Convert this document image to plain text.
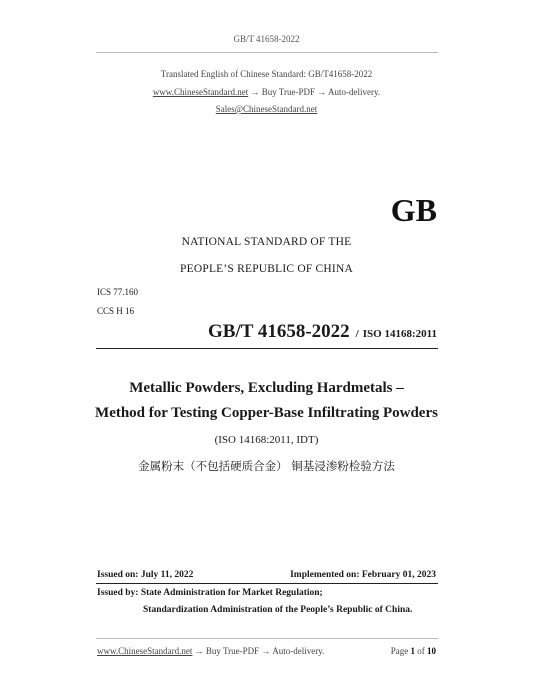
GB/T 41658-2022
Translated English of Chinese Standard: GB/T41658-2022
www.ChineseStandard.net → Buy True-PDF → Auto-delivery.
Sales@ChineseStandard.net
GB
NATIONAL STANDARD OF THE
PEOPLE’S REPUBLIC OF CHINA
ICS 77.160
CCS H 16
GB/T 41658-2022 / ISO 14168:2011
Metallic Powders, Excluding Hardmetals –
Method for Testing Copper-Base Infiltrating Powders
(ISO 14168:2011, IDT)
金属粉末（不包括硬质合金） 铜基浸渗粉检验方法
Issued on: July 11, 2022	Implemented on: February 01, 2023
Issued by: State Administration for Market Regulation;
Standardization Administration of the People’s Republic of China.
www.ChineseStandard.net → Buy True-PDF → Auto-delivery.	Page 1 of 10
